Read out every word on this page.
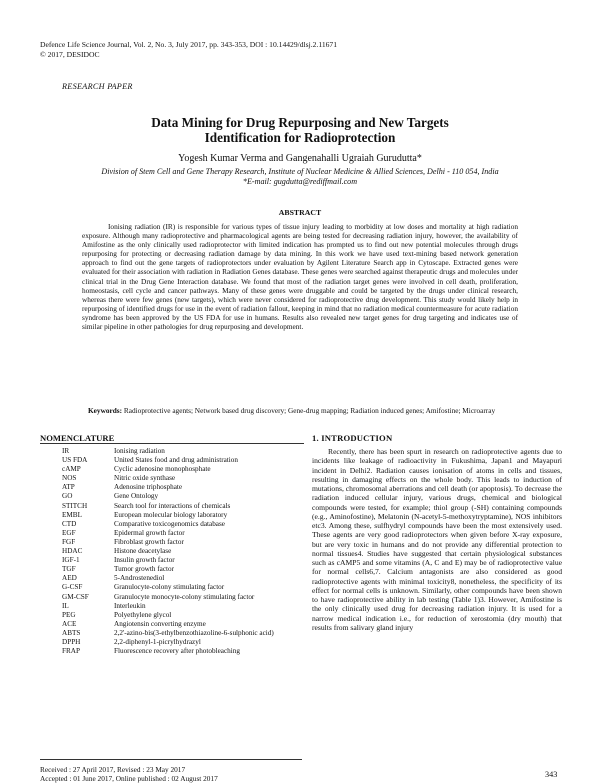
Defence Life Science Journal, Vol. 2, No. 3, July 2017, pp. 343-353, DOI : 10.14429/dlsj.2.11671
© 2017, DESIDOC
RESEARCH PAPER
Data Mining for Drug Repurposing and New Targets
Identification for Radioprotection
Yogesh Kumar Verma and Gangenahalli Ugraiah Gurudutta*
Division of Stem Cell and Gene Therapy Research, Institute of Nuclear Medicine & Allied Sciences, Delhi - 110 054, India
*E-mail: gugdutta@rediffmail.com
ABSTRACT
Ionising radiation (IR) is responsible for various types of tissue injury leading to morbidity at low doses and mortality at high radiation exposure. Although many radioprotective and pharmacological agents are being tested for decreasing radiation injury, however, the availability of Amifostine as the only clinically used radioprotector with limited indication has prompted us to find out new potential molecules through drugs repurposing for protecting or decreasing radiation damage by data mining. In this work we have used text-mining based network generation approach to find out the gene targets of radioprotectors under evaluation by Agilent Literature Search app in Cytoscape. Extracted genes were evaluated for their association with radiation in Radiation Genes database. These genes were searched against therapeutic drugs and molecules under clinical trial in the Drug Gene Interaction database. We found that most of the radiation target genes were involved in cell death, proliferation, homeostasis, cell cycle and cancer pathways. Many of these genes were druggable and could be targeted by the drugs under clinical research, whereas there were few genes (new targets), which were never considered for radioprotective drug development. This study would likely help in repurposing of identified drugs for use in the event of radiation fallout, keeping in mind that no radiation medical countermeasure for acute radiation syndrome has been approved by the US FDA for use in humans. Results also revealed new target genes for drug targeting and indicates use of similar pipeline in other pathologies for drug repurposing and development.
Keywords: Radioprotective agents; Network based drug discovery; Gene-drug mapping; Radiation induced genes; Amifostine; Microarray
NOMENCLATURE
IR	Ionising radiation
US FDA	United States food and drug administration
cAMP	Cyclic adenosine monophosphate
NOS	Nitric oxide synthase
ATP	Adenosine triphosphate
GO	Gene Ontology
STITCH	Search tool for interactions of chemicals
EMBL	European molecular biology laboratory
CTD	Comparative toxicogenomics database
EGF	Epidermal growth factor
FGF	Fibroblast growth factor
HDAC	Histone deacetylase
IGF-1	Insulin growth factor
TGF	Tumor growth factor
AED	5-Androstenediol
G-CSF	Granulocyte-colony stimulating factor
GM-CSF	Granulocyte monocyte-colony stimulating factor
IL	Interleukin
PEG	Polyethylene glycol
ACE	Angiotensin converting enzyme
ABTS	2,2'-azino-bis(3-ethylbenzothiazoline-6-sulphonic acid)
DPPH	2,2-diphenyl-1-picrylhydrazyl
FRAP	Fluorescence recovery after photobleaching
1. INTRODUCTION
Recently, there has been spurt in research on radioprotective agents due to incidents like leakage of radioactivity in Fukushima, Japan1 and Mayapuri incident in Delhi2. Radiation causes ionisation of atoms in cells and tissues, resulting in damaging effects on the whole body. This leads to induction of mutations, chromosomal aberrations and cell death (or apoptosis). To decrease the radiation induced cellular injury, various drugs, chemical and biological compounds were tested, for example; thiol group (-SH) containing compounds (e.g., Aminofostine), Melatonin (N-acetyl-5-methoxytryptamine), NOS inhibitors etc3. Among these, sulfhydryl compounds have been the most extensively used. These agents are very good radioprotectors when given before X-ray exposure, but are very toxic in humans and do not provide any differential protection to normal tissues4. Studies have suggested that certain physiological substances such as cAMP5 and some vitamins (A, C and E) may be of radioprotective value for normal cells6,7. Calcium antagonists are also considered as good radioprotective agents with minimal toxicity8, nonetheless, the specificity of its effect for normal cells is unknown. Similarly, other compounds have been shown to have radioprotective ability in lab testing (Table 1)3. However, Amifostine is the only clinically used drug for decreasing radiation injury. It is used for a narrow medical indication i.e., for reduction of xerostomia (dry mouth) that results from salivary gland injury
Received : 27 April 2017, Revised : 23 May 2017
Accepted : 01 June 2017, Online published : 02 August 2017	343
